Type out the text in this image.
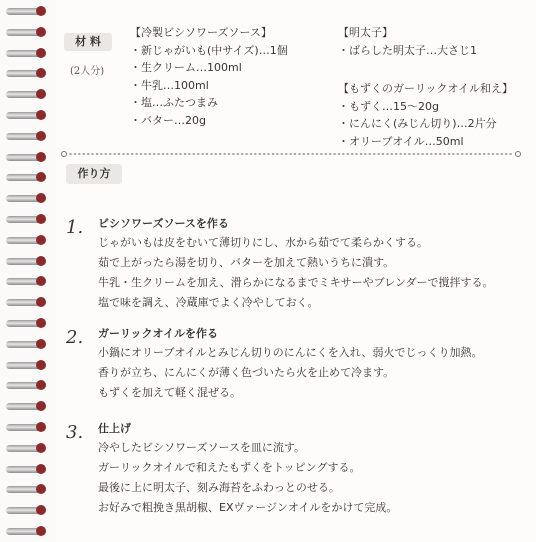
材 料
(2人分)
【冷製ビシソワーズソース】
・新じゃがいも(中サイズ)…1個
・生クリーム…100ml
・牛乳…100ml
・塩…ふたつまみ
・バター…20g
【明太子】
・ばらした明太子…大さじ1
【もずくのガーリックオイル和え】
・もずく…15～20g
・にんにく(みじん切り)…2片分
・オリーブオイル…50ml
作り方
1. ビシソワーズソースを作る
じゃがいもは皮をむいて薄切りにし、水から茹でて柔らかくする。
茹で上がったら湯を切り、バターを加えて熱いうちに潰す。
牛乳・生クリームを加え、滑らかになるまでミキサーやブレンダーで撹拌する。
塩で味を調え、冷蔵庫でよく冷やしておく。
2. ガーリックオイルを作る
小鍋にオリーブオイルとみじん切りのにんにくを入れ、弱火でじっくり加熱。
香りが立ち、にんにくが薄く色づいたら火を止めて冷ます。
もずくを加えて軽く混ぜる。
3. 仕上げ
冷やしたビシソワーズソースを皿に流す。
ガーリックオイルで和えたもずくをトッピングする。
最後に上に明太子、刻み海苔をふわっとのせる。
お好みで粗挽き黒胡椒、EXヴァージンオイルをかけて完成。
